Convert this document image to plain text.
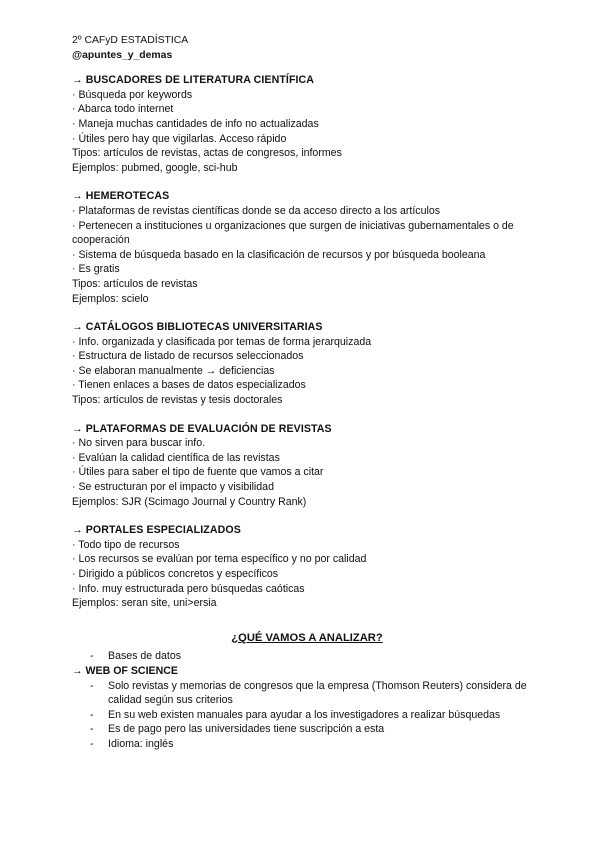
2º CAFyD ESTADÍSTICA
@apuntes_y_demas
→ BUSCADORES DE LITERATURA CIENTÍFICA
· Búsqueda por keywords
· Abarca todo internet
· Maneja muchas cantidades de info no actualizadas
· Útiles pero hay que vigilarlas. Acceso rápido
Tipos: artículos de revistas, actas de congresos, informes
Ejemplos: pubmed, google, sci-hub
→ HEMEROTECAS
· Plataformas de revistas científicas donde se da acceso directo a los artículos
· Pertenecen a instituciones u organizaciones que surgen de iniciativas gubernamentales o de cooperación
· Sistema de búsqueda basado en la clasificación de recursos y por búsqueda booleana
· Es gratis
Tipos: artículos de revistas
Ejemplos: scielo
→ CATÁLOGOS BIBLIOTECAS UNIVERSITARIAS
· Info. organizada y clasificada por temas de forma jerarquizada
· Estructura de listado de recursos seleccionados
· Se elaboran manualmente → deficiencias
· Tienen enlaces a bases de datos especializados
Tipos: artículos de revistas y tesis doctorales
→ PLATAFORMAS DE EVALUACIÓN DE REVISTAS
· No sirven para buscar info.
· Evalúan la calidad científica de las revistas
· Útiles para saber el tipo de fuente que vamos a citar
· Se estructuran por el impacto y visibilidad
Ejemplos: SJR (Scimago Journal y Country Rank)
→ PORTALES ESPECIALIZADOS
· Todo tipo de recursos
· Los recursos se evalúan por tema específico y no por calidad
· Dirigido a públicos concretos y específicos
· Info. muy estructurada pero búsquedas caóticas
Ejemplos: seran site, uni>ersia
¿QUÉ VAMOS A ANALIZAR?
- Bases de datos
→ WEB OF SCIENCE
- Solo revistas y memorias de congresos que la empresa (Thomson Reuters) considera de calidad según sus criterios
- En su web existen manuales para ayudar a los investigadores a realizar búsquedas
- Es de pago pero las universidades tiene suscripción a esta
- Idioma: inglés
